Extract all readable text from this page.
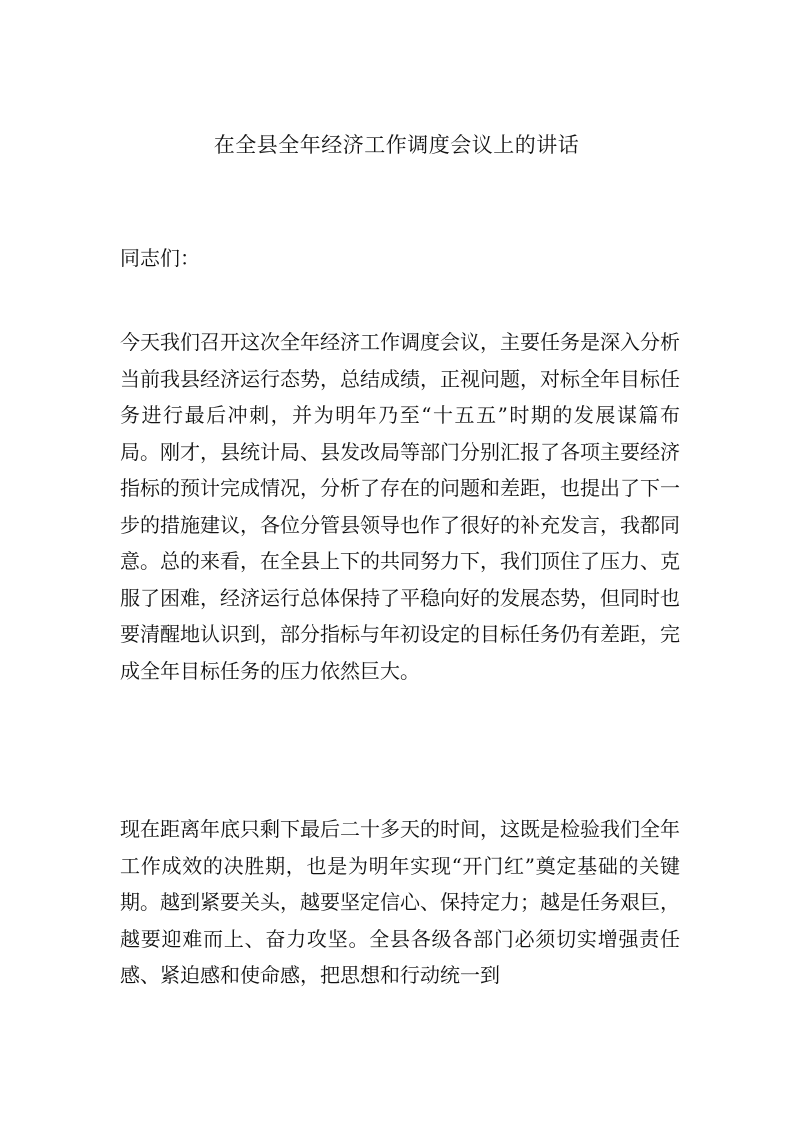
在全县全年经济工作调度会议上的讲话

同志们：

今天我们召开这次全年经济工作调度会议，主要任务是深入分析当前我县经济运行态势，总结成绩，正视问题，对标全年目标任务进行最后冲刺，并为明年乃至“十五五”时期的发展谋篇布局。刚才，县统计局、县发改局等部门分别汇报了各项主要经济指标的预计完成情况，分析了存在的问题和差距，也提出了下一步的措施建议，各位分管县领导也作了很好的补充发言，我都同意。总的来看，在全县上下的共同努力下，我们顶住了压力、克服了困难，经济运行总体保持了平稳向好的发展态势，但同时也要清醒地认识到，部分指标与年初设定的目标任务仍有差距，完成全年目标任务的压力依然巨大。

现在距离年底只剩下最后二十多天的时间，这既是检验我们全年工作成效的决胜期，也是为明年实现“开门红”奠定基础的关键期。越到紧要关头，越要坚定信心、保持定力；越是任务艰巨，越要迎难而上、奋力攻坚。全县各级各部门必须切实增强责任感、紧迫感和使命感，把思想和行动统一到
